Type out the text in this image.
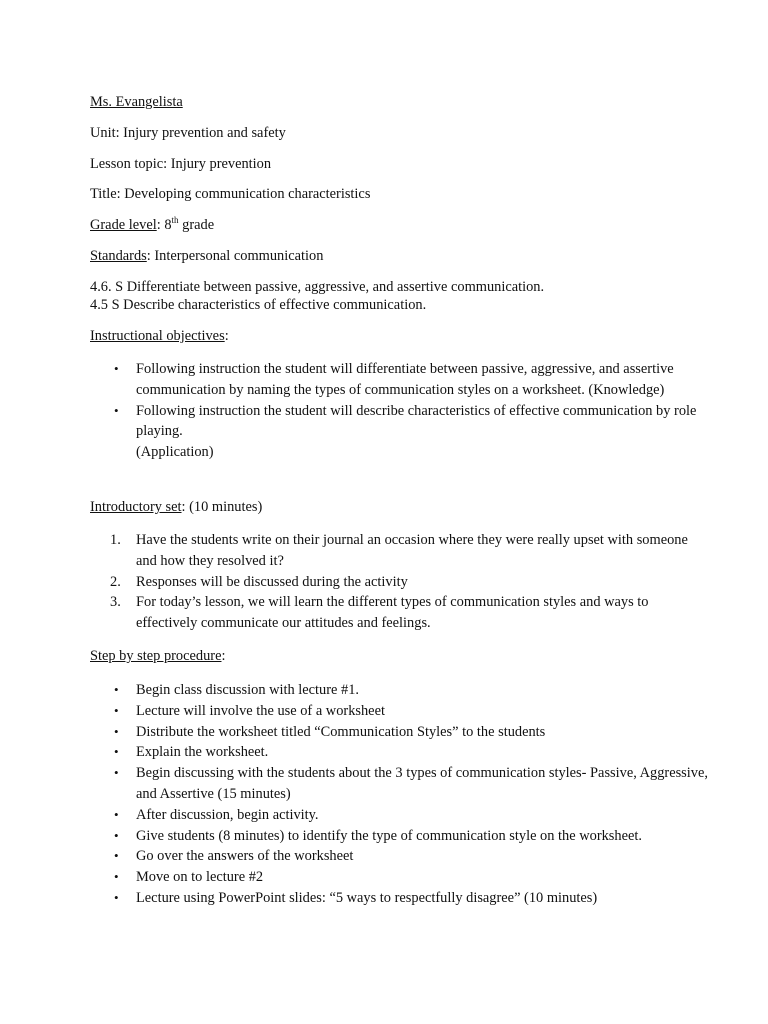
Ms. Evangelista
Unit: Injury prevention and safety
Lesson topic: Injury prevention
Title: Developing communication characteristics
Grade level: 8th grade
Standards: Interpersonal communication
4.6. S Differentiate between passive, aggressive, and assertive communication.
4.5 S Describe characteristics of effective communication.
Instructional objectives:
• Following instruction the student will differentiate between passive, aggressive, and assertive communication by naming the types of communication styles on a worksheet. (Knowledge)
• Following instruction the student will describe characteristics of effective communication by role playing.
(Application)
Introductory set: (10 minutes)
1. Have the students write on their journal an occasion where they were really upset with someone and how they resolved it?
2. Responses will be discussed during the activity
3. For today’s lesson, we will learn the different types of communication styles and ways to effectively communicate our attitudes and feelings.
Step by step procedure:
• Begin class discussion with lecture #1.
• Lecture will involve the use of a worksheet
• Distribute the worksheet titled “Communication Styles” to the students
• Explain the worksheet.
• Begin discussing with the students about the 3 types of communication styles- Passive, Aggressive, and Assertive (15 minutes)
• After discussion, begin activity.
• Give students (8 minutes) to identify the type of communication style on the worksheet.
• Go over the answers of the worksheet
• Move on to lecture #2
• Lecture using PowerPoint slides: “5 ways to respectfully disagree” (10 minutes)
